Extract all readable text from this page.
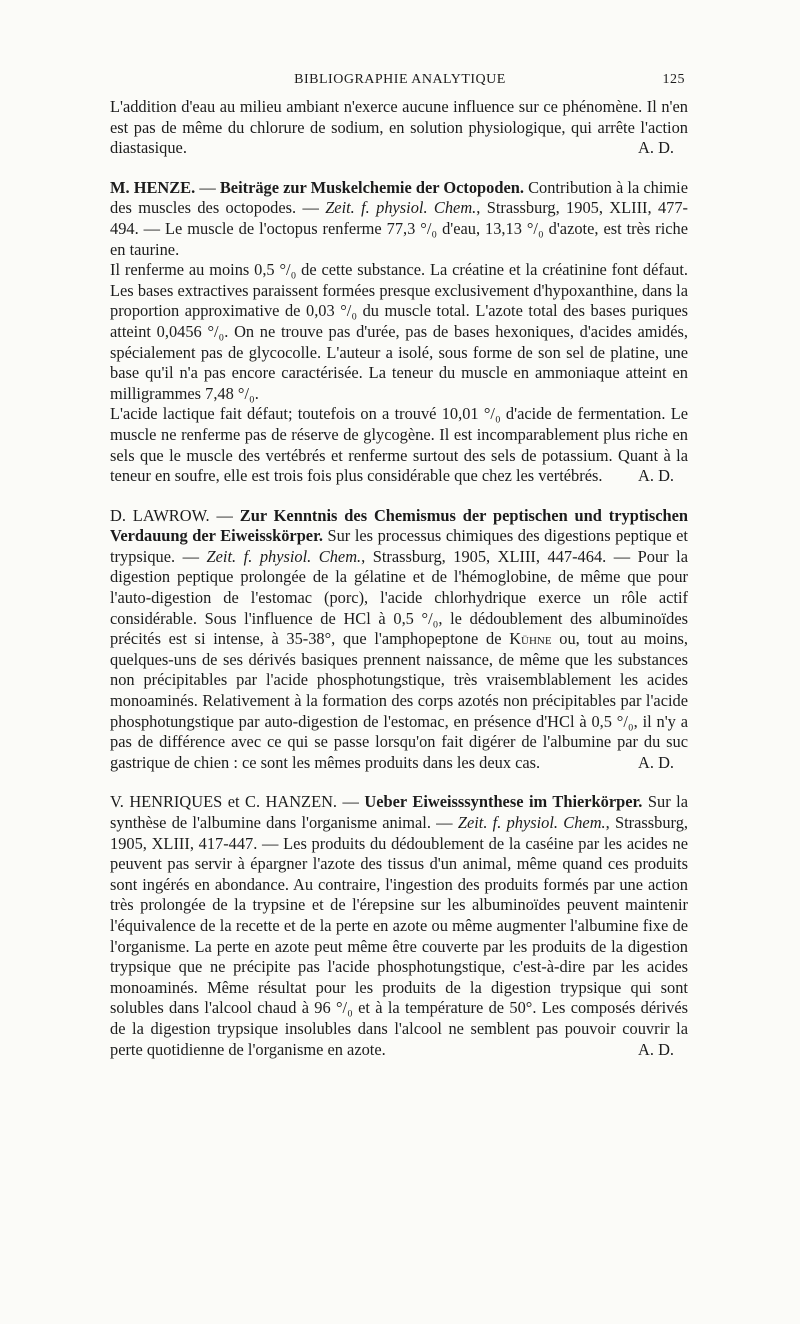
BIBLIOGRAPHIE ANALYTIQUE	125

L'addition d'eau au milieu ambiant n'exerce aucune influence sur ce phénomène. Il n'en est pas de même du chlorure de sodium, en solution physiologique, qui arrête l'action diastasique.	A. D.

M. HENZE. — Beiträge zur Muskelchemie der Octopoden. Contribution à la chimie des muscles des octopodes. — Zeit. f. physiol. Chem., Strassburg, 1905, XLIII, 477-494. — Le muscle de l'octopus renferme 77,3 °/₀ d'eau, 13,13 °/₀ d'azote, est très riche en taurine.

Il renferme au moins 0,5 °/₀ de cette substance. La créatine et la créatinine font défaut. Les bases extractives paraissent formées presque exclusivement d'hypoxanthine, dans la proportion approximative de 0,03 °/₀ du muscle total. L'azote total des bases puriques atteint 0,0456 °/₀. On ne trouve pas d'urée, pas de bases hexoniques, d'acides amidés, spécialement pas de glycocolle. L'auteur a isolé, sous forme de son sel de platine, une base qu'il n'a pas encore caractérisée. La teneur du muscle en ammoniaque atteint en milligrammes 7,48 °/₀.

L'acide lactique fait défaut; toutefois on a trouvé 10,01 °/₀ d'acide de fermentation. Le muscle ne renferme pas de réserve de glycogène. Il est incomparablement plus riche en sels que le muscle des vertébrés et renferme surtout des sels de potassium. Quant à la teneur en soufre, elle est trois fois plus considérable que chez les vertébrés. A. D.

D. LAWROW. — Zur Kenntnis des Chemismus der peptischen und tryptischen Verdauung der Eiweisskörper. Sur les processus chimiques des digestions peptique et trypsique. — Zeit. f. physiol. Chem., Strassburg, 1905, XLIII, 447-464. — Pour la digestion peptique prolongée de la gélatine et de l'hémoglobine, de même que pour l'auto-digestion de l'estomac (porc), l'acide chlorhydrique exerce un rôle actif considérable. Sous l'influence de HCl à 0,5 °/₀, le dédoublement des albuminoïdes précités est si intense, à 35-38°, que l'amphopeptone de Kühne ou, tout au moins, quelques-uns de ses dérivés basiques prennent naissance, de même que les substances non précipitables par l'acide phosphotungstique, très vraisemblablement les acides monoaminés. Relativement à la formation des corps azotés non précipitables par l'acide phosphotungstique par auto-digestion de l'estomac, en présence d'HCl à 0,5 °/₀, il n'y a pas de différence avec ce qui se passe lorsqu'on fait digérer de l'albumine par du suc gastrique de chien : ce sont les mêmes produits dans les deux cas.	A. D.

V. HENRIQUES et C. HANZEN. — Ueber Eiweisssynthese im Thierkörper. Sur la synthèse de l'albumine dans l'organisme animal. — Zeit. f. physiol. Chem., Strassburg, 1905, XLIII, 417-447. — Les produits du dédoublement de la caséine par les acides ne peuvent pas servir à épargner l'azote des tissus d'un animal, même quand ces produits sont ingérés en abondance. Au contraire, l'ingestion des produits formés par une action très prolongée de la trypsine et de l'érepsine sur les albuminoïdes peuvent maintenir l'équivalence de la recette et de la perte en azote ou même augmenter l'albumine fixe de l'organisme. La perte en azote peut même être couverte par les produits de la digestion trypsique que ne précipite pas l'acide phosphotungstique, c'est-à-dire par les acides monoaminés. Même résultat pour les produits de la digestion trypsique qui sont solubles dans l'alcool chaud à 96 °/₀ et à la température de 50°. Les composés dérivés de la digestion trypsique insolubles dans l'alcool ne semblent pas pouvoir couvrir la perte quotidienne de l'organisme en azote.	A. D.
